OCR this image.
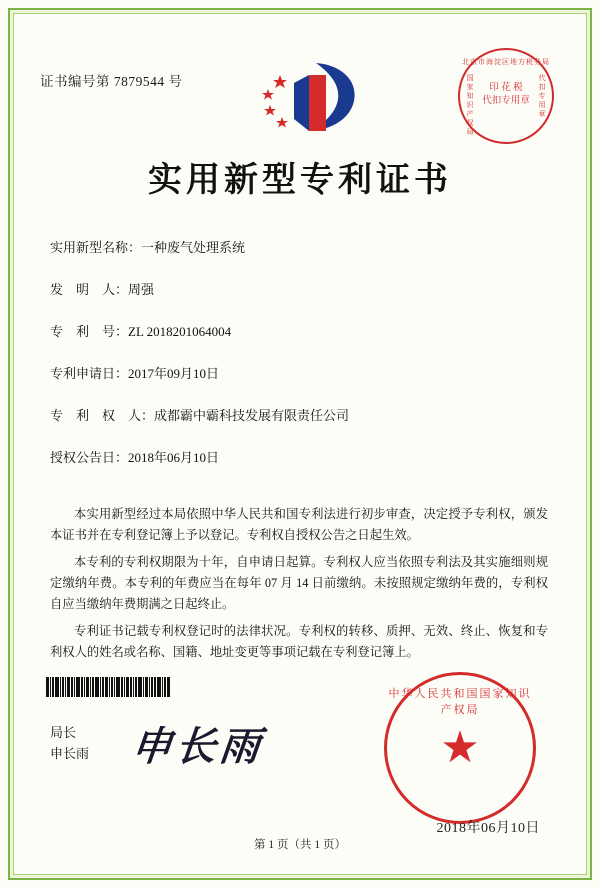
证书编号第 7879544 号
北京市海淀区地方税务局
国家知识产权局
代扣专用章
印 花 税
代扣专用章
实用新型专利证书
实用新型名称：一种废气处理系统
发　明　人：周强
专　利　号：ZL 2018201064004
专利申请日：2017年09月10日
专　利　权　人：成都霸中霸科技发展有限责任公司
授权公告日：2018年06月10日

本实用新型经过本局依照中华人民共和国专利法进行初步审查，决定授予专利权，颁发本证书并在专利登记簿上予以登记。专利权自授权公告之日起生效。

本专利的专利权期限为十年，自申请日起算。专利权人应当依照专利法及其实施细则规定缴纳年费。本专利的年费应当在每年 07 月 14 日前缴纳。未按照规定缴纳年费的，专利权自应当缴纳年费期满之日起终止。

专利证书记载专利权登记时的法律状况。专利权的转移、质押、无效、终止、恢复和专利权人的姓名或名称、国籍、地址变更等事项记载在专利登记簿上。

局长
申长雨 申长雨
中华人民共和国国家知识产权局
★
2018年06月10日
第 1 页（共 1 页）
